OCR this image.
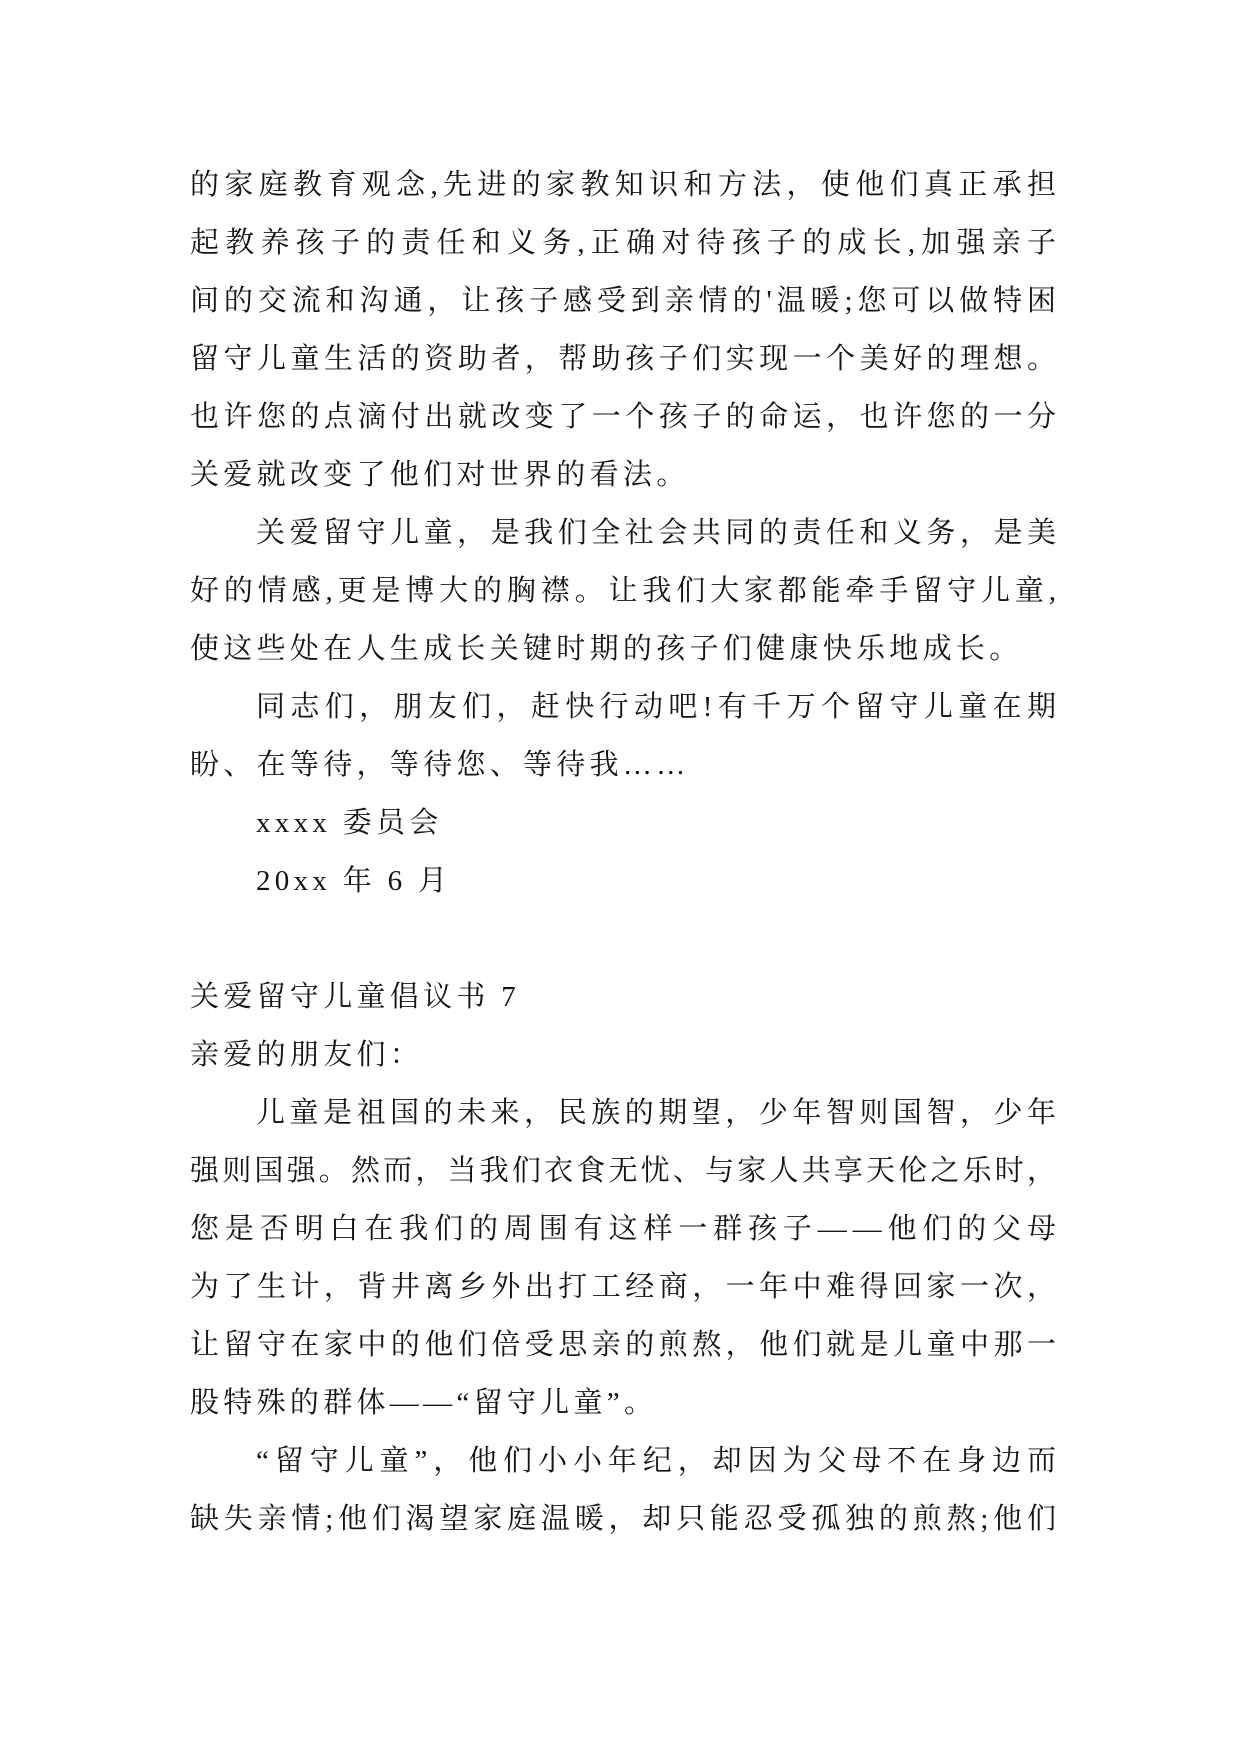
的家庭教育观念,先进的家教知识和方法，使他们真正承担
起教养孩子的责任和义务,正确对待孩子的成长,加强亲子
间的交流和沟通，让孩子感受到亲情的'温暖;您可以做特困
留守儿童生活的资助者，帮助孩子们实现一个美好的理想。
也许您的点滴付出就改变了一个孩子的命运，也许您的一分
关爱就改变了他们对世界的看法。
关爱留守儿童，是我们全社会共同的责任和义务，是美
好的情感,更是博大的胸襟。让我们大家都能牵手留守儿童,
使这些处在人生成长关键时期的孩子们健康快乐地成长。
同志们，朋友们，赶快行动吧!有千万个留守儿童在期
盼、在等待，等待您、等待我……
xxxx 委员会
20xx 年 6 月
关爱留守儿童倡议书 7
亲爱的朋友们：
儿童是祖国的未来，民族的期望，少年智则国智，少年
强则国强。然而，当我们衣食无忧、与家人共享天伦之乐时，
您是否明白在我们的周围有这样一群孩子——他们的父母
为了生计，背井离乡外出打工经商，一年中难得回家一次，
让留守在家中的他们倍受思亲的煎熬，他们就是儿童中那一
股特殊的群体——“留守儿童”。
“留守儿童”，他们小小年纪，却因为父母不在身边而
缺失亲情;他们渴望家庭温暖，却只能忍受孤独的煎熬;他们
